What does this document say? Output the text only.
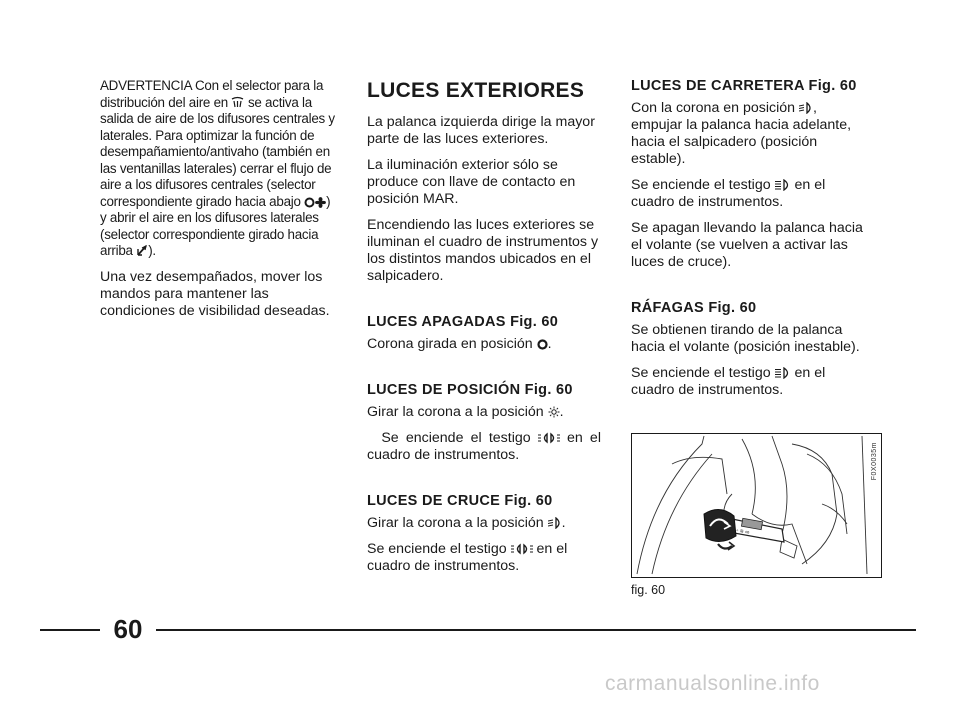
ADVERTENCIA Con el selector para la distribución del aire en  se activa la salida de aire de los difusores centrales y laterales. Para optimizar la función de desempañamiento/antivaho (también en las ventanillas laterales) cerrar el flujo de aire a los difusores centrales (selector correspondiente girado hacia abajo ) y abrir el aire en los difusores laterales (selector correspondiente girado hacia arriba ).

Una vez desempañados, mover los mandos para mantener las condiciones de visibilidad deseadas.

LUCES EXTERIORES

La palanca izquierda dirige la mayor parte de las luces exteriores.

La iluminación exterior sólo se produce con llave de contacto en posición MAR.

Encendiendo las luces exteriores se iluminan el cuadro de instrumentos y los distintos mandos ubicados en el salpicadero.

LUCES APAGADAS Fig. 60

Corona girada en posición .

LUCES DE POSICIÓN Fig. 60

Girar la corona a la posición .

Se enciende el testigo  en el cuadro de instrumentos.

LUCES DE CRUCE Fig. 60

Girar la corona a la posición .

Se enciende el testigo  en el cuadro de instrumentos.

LUCES DE CARRETERA Fig. 60

Con la corona en posición , empujar la palanca hacia adelante, hacia el salpicadero (posición estable).

Se enciende el testigo  en el cuadro de instrumentos.

Se apagan llevando la palanca hacia el volante (se vuelven a activar las luces de cruce).

RÁFAGAS Fig. 60

Se obtienen tirando de la palanca hacia el volante (posición inestable).

Se enciende el testigo  en el cuadro de instrumentos.

◦ ≡ ∞
F0X0035m
fig. 60
60
carmanualsonline.info
